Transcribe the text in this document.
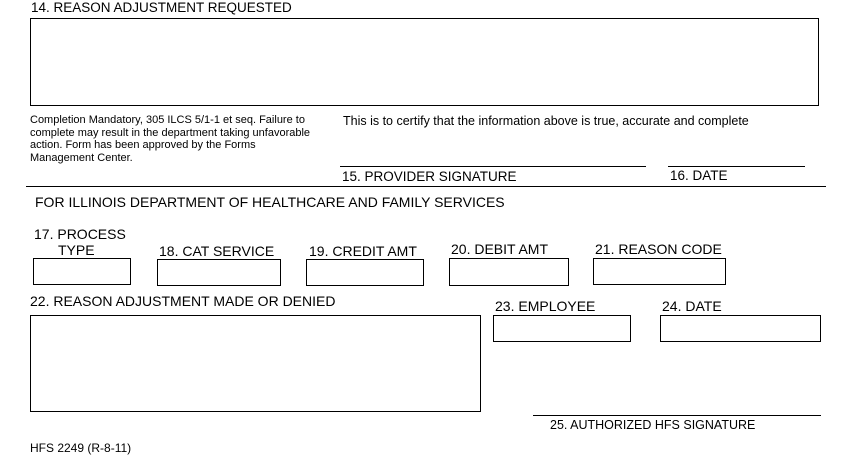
14. REASON ADJUSTMENT REQUESTED
Completion Mandatory, 305 ILCS 5/1-1 et seq. Failure to
complete may result in the department taking unfavorable
action. Form has been approved by the Forms
Management Center.
This is to certify that the information above is true, accurate and complete
15. PROVIDER SIGNATURE	16. DATE
FOR ILLINOIS DEPARTMENT OF HEALTHCARE AND FAMILY SERVICES
17. PROCESS
TYPE	18. CAT SERVICE 19. CREDIT AMT 20. DEBIT AMT	21. REASON CODE
22. REASON ADJUSTMENT MADE OR DENIED	23. EMPLOYEE	24. DATE
25. AUTHORIZED HFS SIGNATURE
HFS 2249 (R-8-11)
